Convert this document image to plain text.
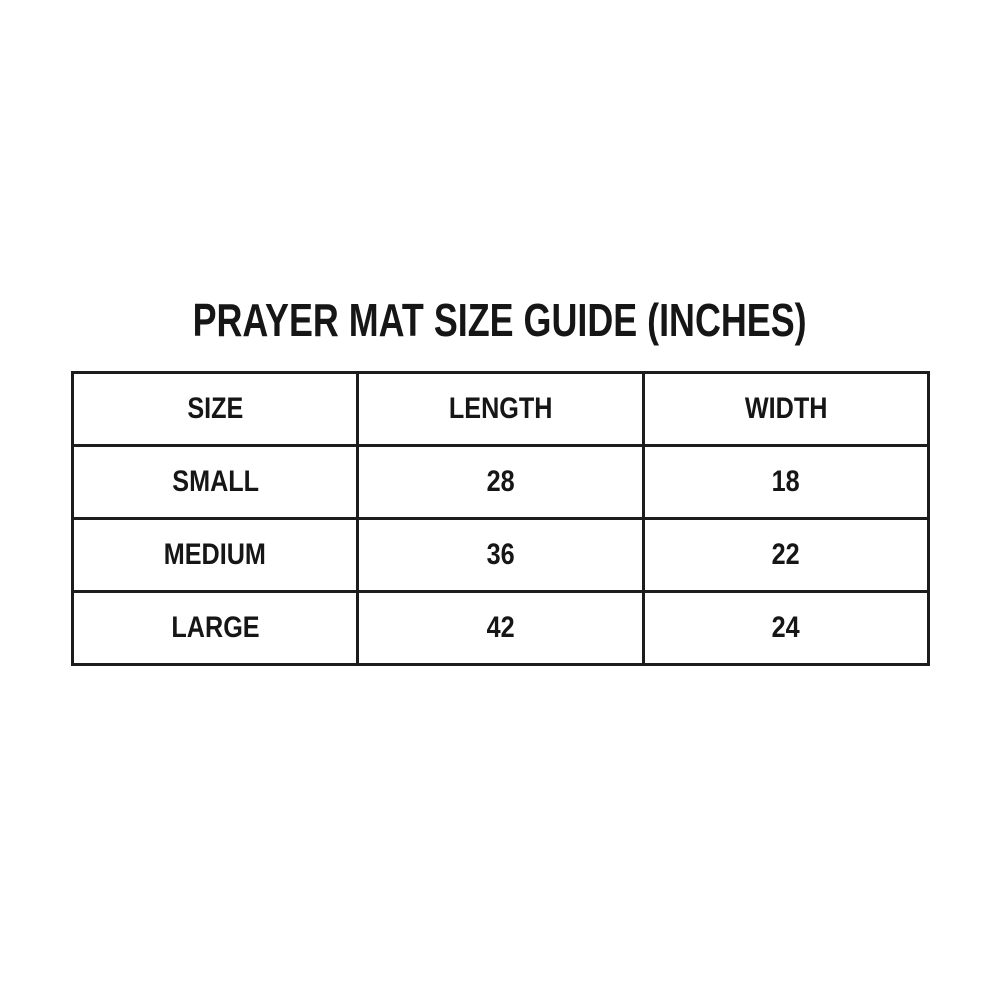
PRAYER MAT SIZE GUIDE (INCHES)
SIZE	LENGTH	WIDTH
SMALL	28	18
MEDIUM	36	22
LARGE	42	24
